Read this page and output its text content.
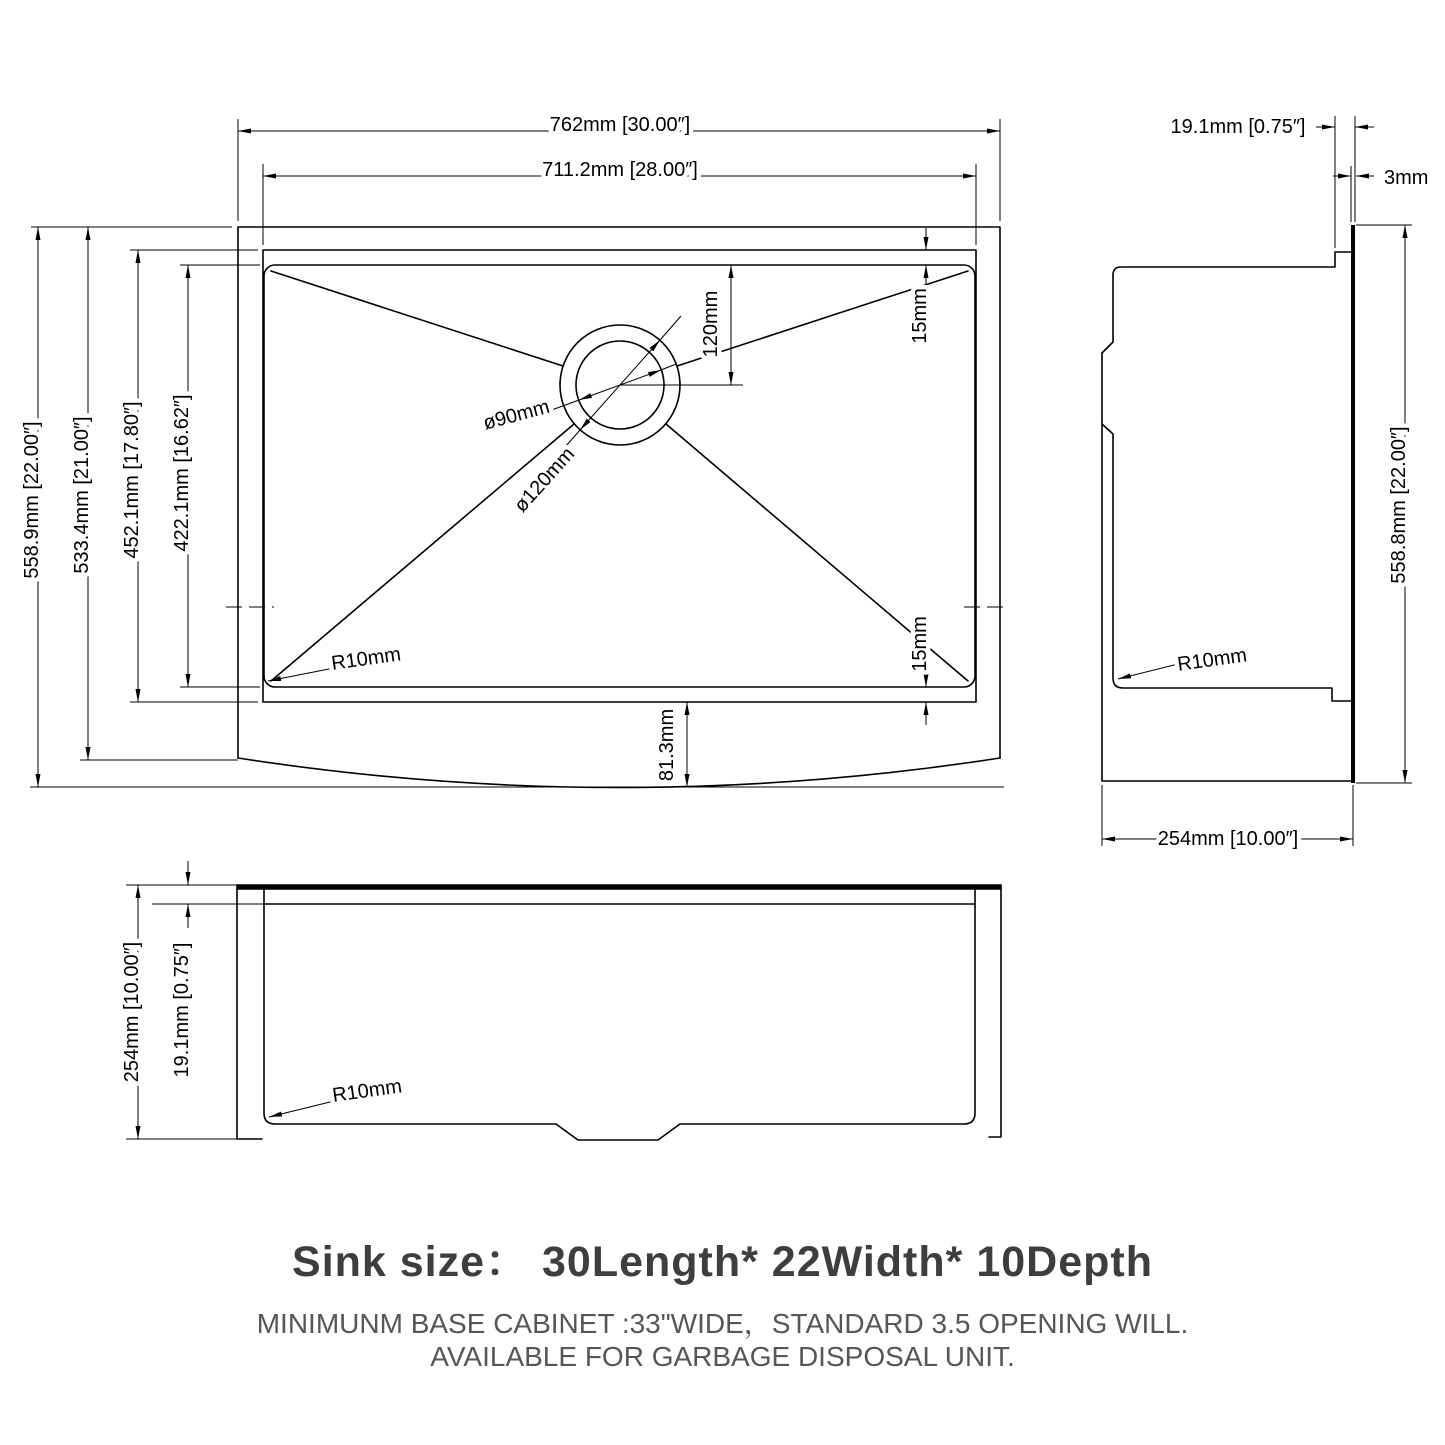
762mm [30.00″]
711.2mm [28.00″]
558.9mm [22.00″] 533.4mm [21.00″] 452.1mm [17.80″] 422.1mm [16.62″]
120mm
ø90mm
ø120mm
15mm
15mm
R10mm
81.3mm
19.1mm [0.75″]
3mm
558.8mm [22.00″]
R10mm
254mm [10.00″]
254mm [10.00″] 19.1mm [0.75″]
R10mm
Sink size： 30Length* 22Width* 10Depth
MINIMUNM BASE CABINET :33"WIDE，STANDARD 3.5 OPENING WILL.
AVAILABLE FOR GARBAGE DISPOSAL UNIT.
